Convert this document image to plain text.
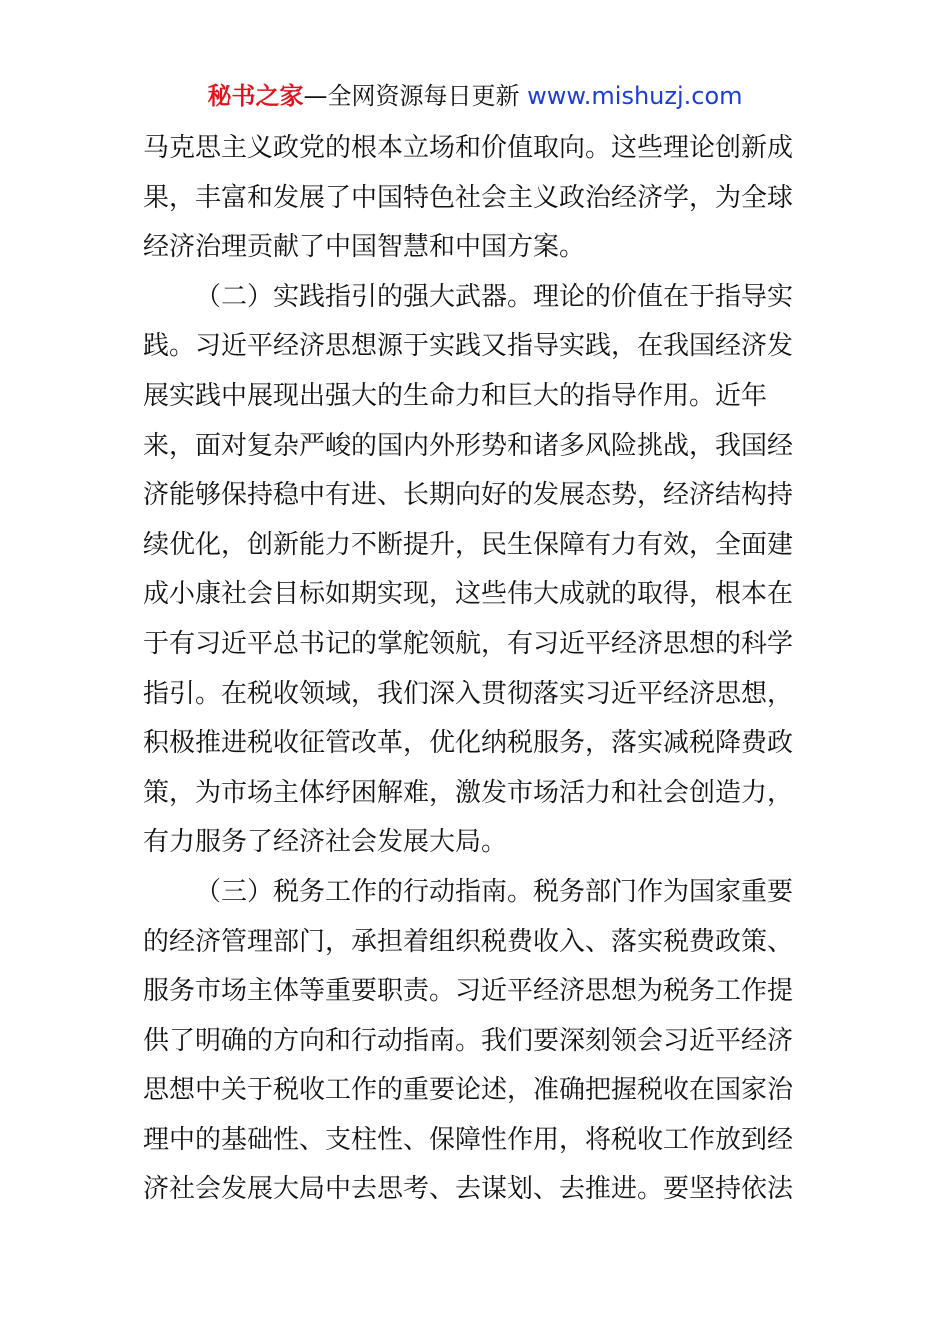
秘书之家—全网资源每日更新 www.mishuzj.com
马克思主义政党的根本立场和价值取向。这些理论创新成
果，丰富和发展了中国特色社会主义政治经济学，为全球
经济治理贡献了中国智慧和中国方案。
（二）实践指引的强大武器。理论的价值在于指导实
践。习近平经济思想源于实践又指导实践，在我国经济发
展实践中展现出强大的生命力和巨大的指导作用。近年
来，面对复杂严峻的国内外形势和诸多风险挑战，我国经
济能够保持稳中有进、长期向好的发展态势，经济结构持
续优化，创新能力不断提升，民生保障有力有效，全面建
成小康社会目标如期实现，这些伟大成就的取得，根本在
于有习近平总书记的掌舵领航，有习近平经济思想的科学
指引。在税收领域，我们深入贯彻落实习近平经济思想，
积极推进税收征管改革，优化纳税服务，落实减税降费政
策，为市场主体纾困解难，激发市场活力和社会创造力，
有力服务了经济社会发展大局。
（三）税务工作的行动指南。税务部门作为国家重要
的经济管理部门，承担着组织税费收入、落实税费政策、
服务市场主体等重要职责。习近平经济思想为税务工作提
供了明确的方向和行动指南。我们要深刻领会习近平经济
思想中关于税收工作的重要论述，准确把握税收在国家治
理中的基础性、支柱性、保障性作用，将税收工作放到经
济社会发展大局中去思考、去谋划、去推进。要坚持依法
